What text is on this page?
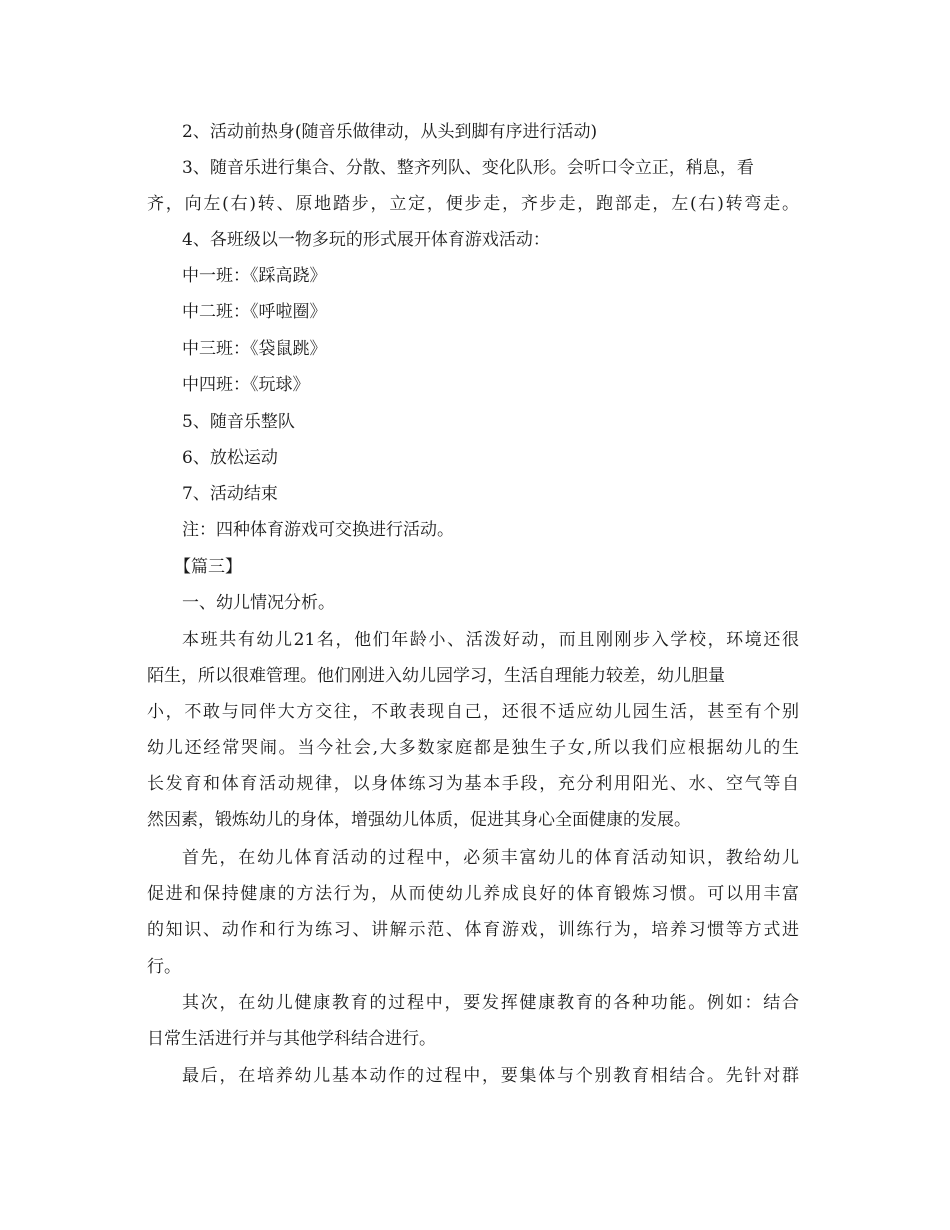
2、活动前热身(随音乐做律动，从头到脚有序进行活动)
3、随音乐进行集合、分散、整齐列队、变化队形。会听口令立正，稍息，看
齐，向左(右)转、原地踏步，立定，便步走，齐步走，跑部走，左(右)转弯走。
4、各班级以一物多玩的形式展开体育游戏活动：
中一班：《踩高跷》
中二班：《呼啦圈》
中三班：《袋鼠跳》
中四班：《玩球》
5、随音乐整队
6、放松运动
7、活动结束
注：四种体育游戏可交换进行活动。
【篇三】
一、幼儿情况分析。
本班共有幼儿21名，他们年龄小、活泼好动，而且刚刚步入学校，环境还很
陌生，所以很难管理。他们刚进入幼儿园学习，生活自理能力较差，幼儿胆量
小，不敢与同伴大方交往，不敢表现自己，还很不适应幼儿园生活，甚至有个别
幼儿还经常哭闹。当今社会,大多数家庭都是独生子女,所以我们应根据幼儿的生
长发育和体育活动规律，以身体练习为基本手段，充分利用阳光、水、空气等自
然因素，锻炼幼儿的身体，增强幼儿体质，促进其身心全面健康的发展。
首先，在幼儿体育活动的过程中，必须丰富幼儿的体育活动知识，教给幼儿
促进和保持健康的方法行为，从而使幼儿养成良好的体育锻炼习惯。可以用丰富
的知识、动作和行为练习、讲解示范、体育游戏，训练行为，培养习惯等方式进
行。
其次，在幼儿健康教育的过程中，要发挥健康教育的各种功能。例如：结合
日常生活进行并与其他学科结合进行。
最后，在培养幼儿基本动作的过程中，要集体与个别教育相结合。先针对群
